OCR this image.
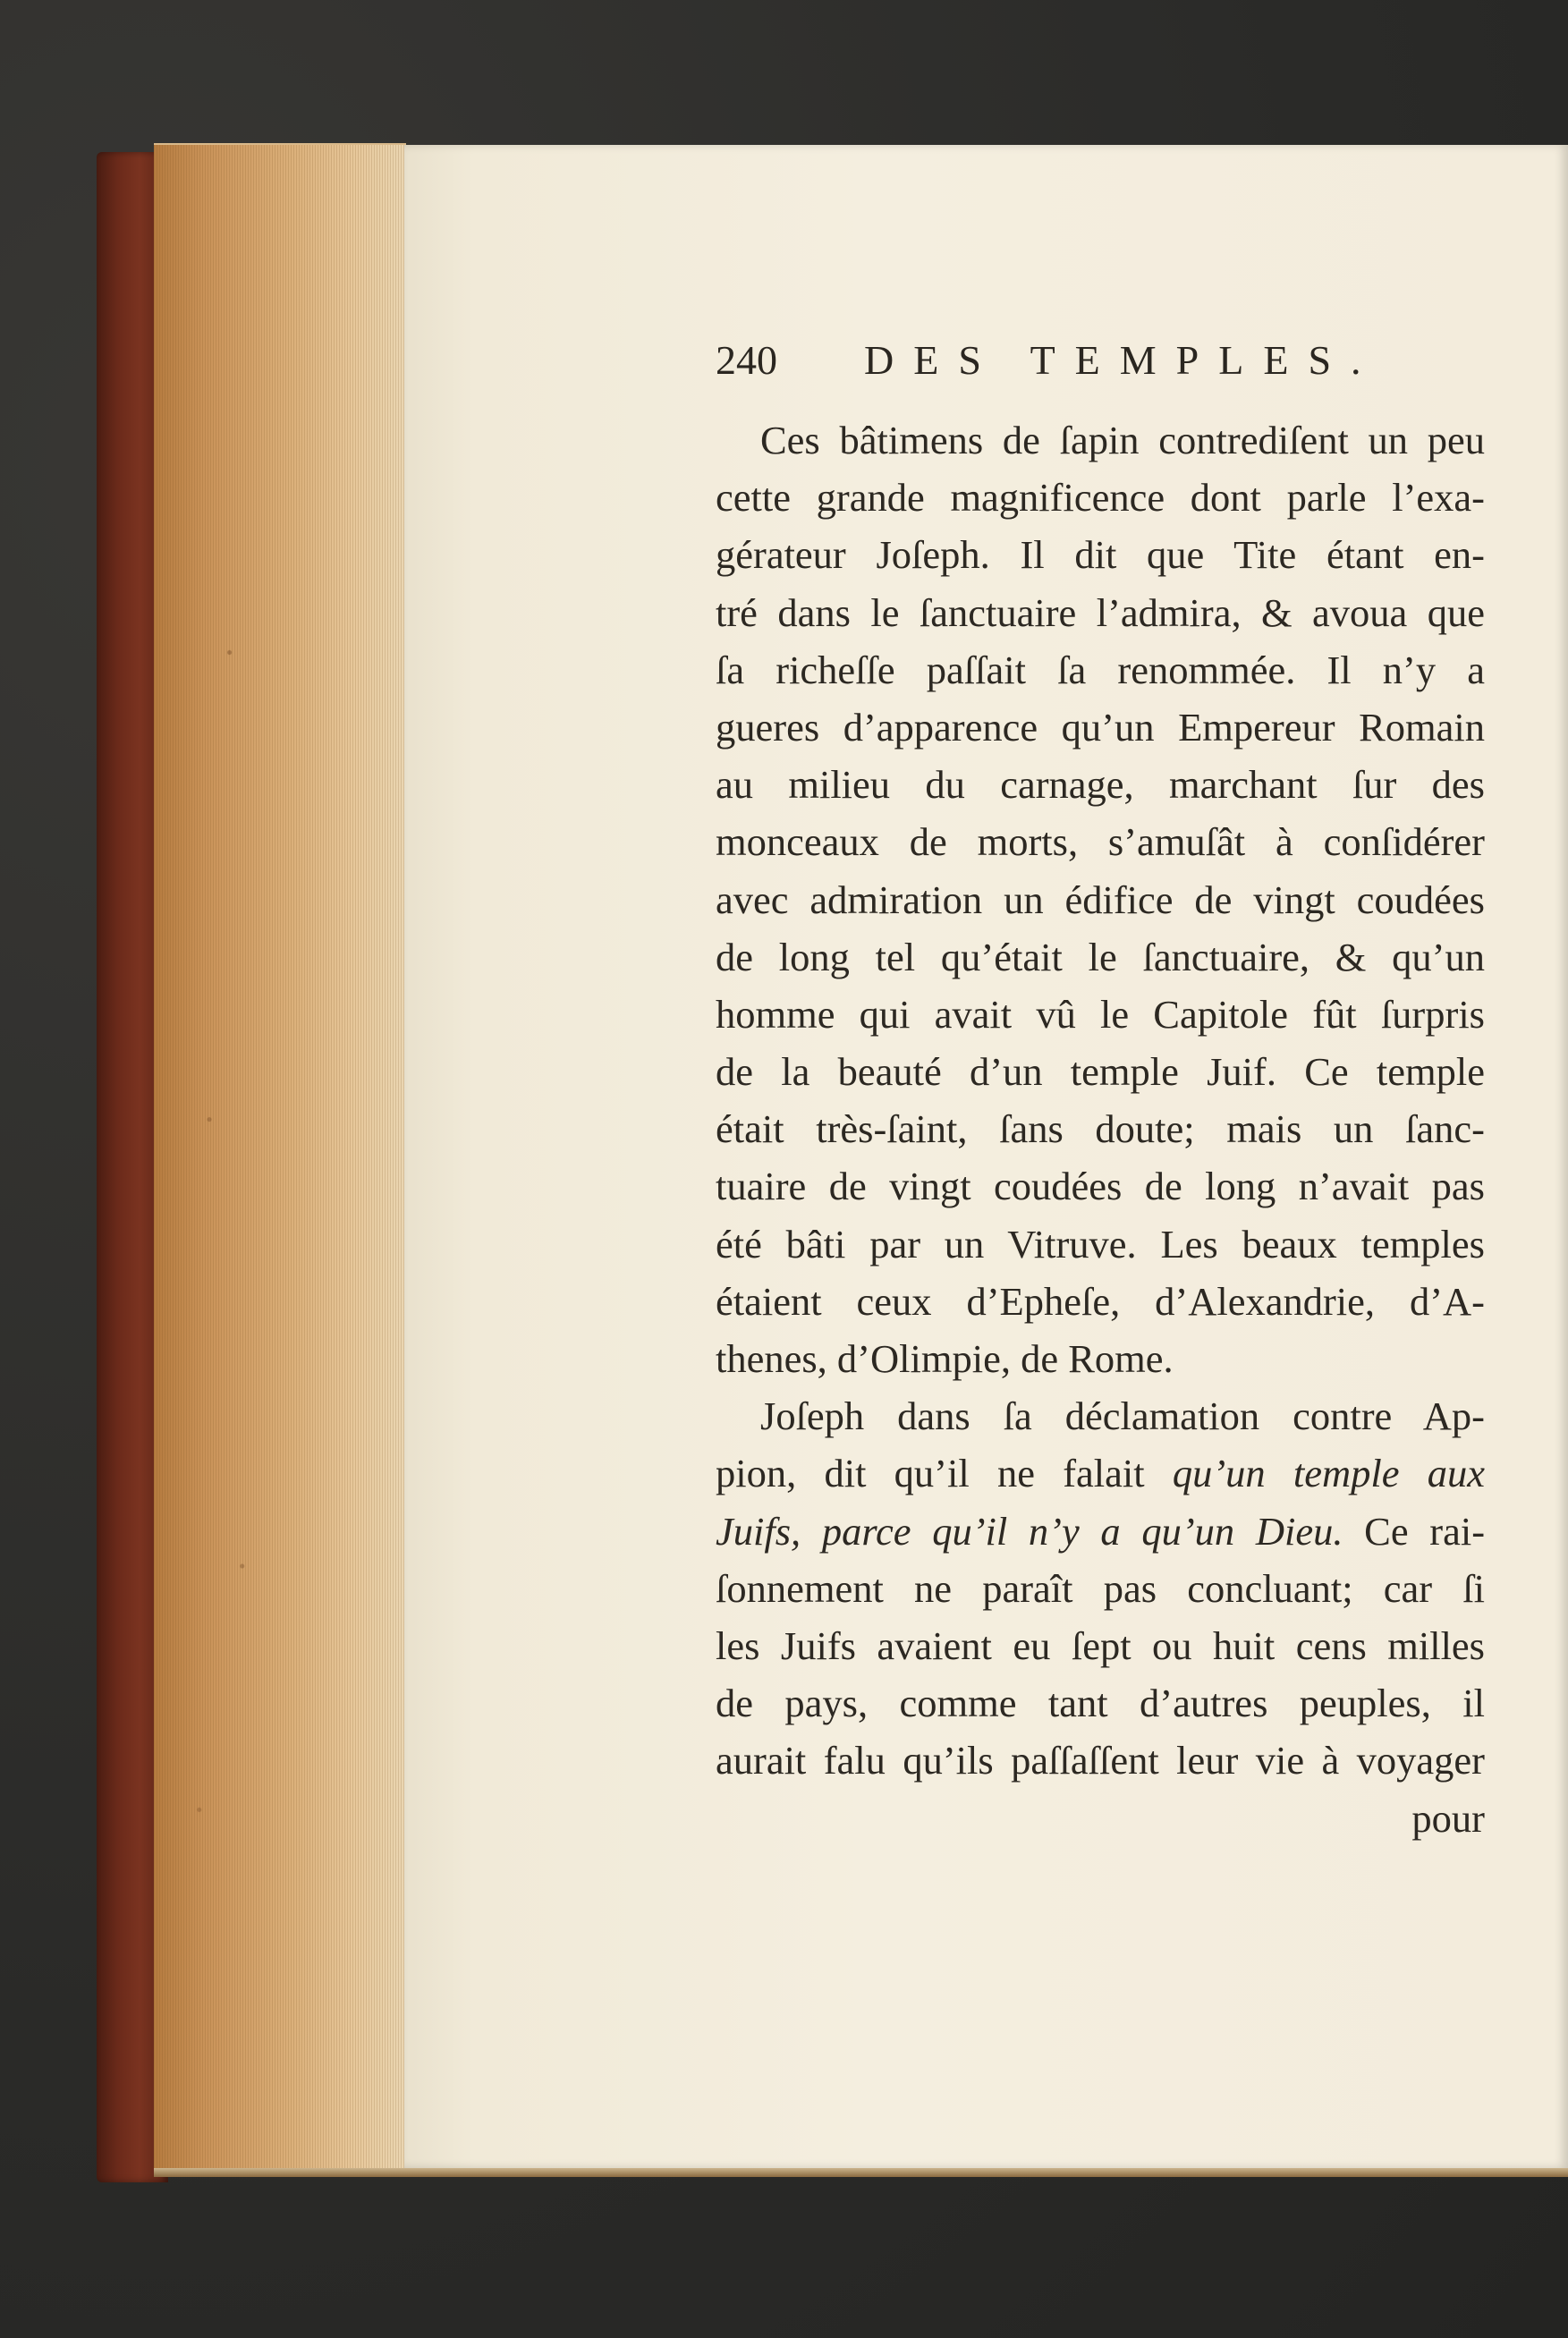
240 DES TEMPLES.
Ces bâtimens de ſapin contrediſent un peu
cette grande magnificence dont parle l’exa-
gérateur Joſeph. Il dit que Tite étant en-
tré dans le ſanctuaire l’admira, & avoua que
ſa richeſſe paſſait ſa renommée. Il n’y a
gueres d’apparence qu’un Empereur Romain
au milieu du carnage, marchant ſur des
monceaux de morts, s’amuſât à conſidérer
avec admiration un édifice de vingt coudées
de long tel qu’était le ſanctuaire, & qu’un
homme qui avait vû le Capitole fût ſurpris
de la beauté d’un temple Juif. Ce temple
était très-ſaint, ſans doute; mais un ſanc-
tuaire de vingt coudées de long n’avait pas
été bâti par un Vitruve. Les beaux temples
étaient ceux d’Epheſe, d’Alexandrie, d’A-
thenes, d’Olimpie, de Rome.
Joſeph dans ſa déclamation contre Ap-
pion, dit qu’il ne falait qu’un temple aux
Juifs, parce qu’il n’y a qu’un Dieu. Ce rai-
ſonnement ne paraît pas concluant; car ſi
les Juifs avaient eu ſept ou huit cens milles
de pays, comme tant d’autres peuples, il
aurait falu qu’ils paſſaſſent leur vie à voyager
pour
